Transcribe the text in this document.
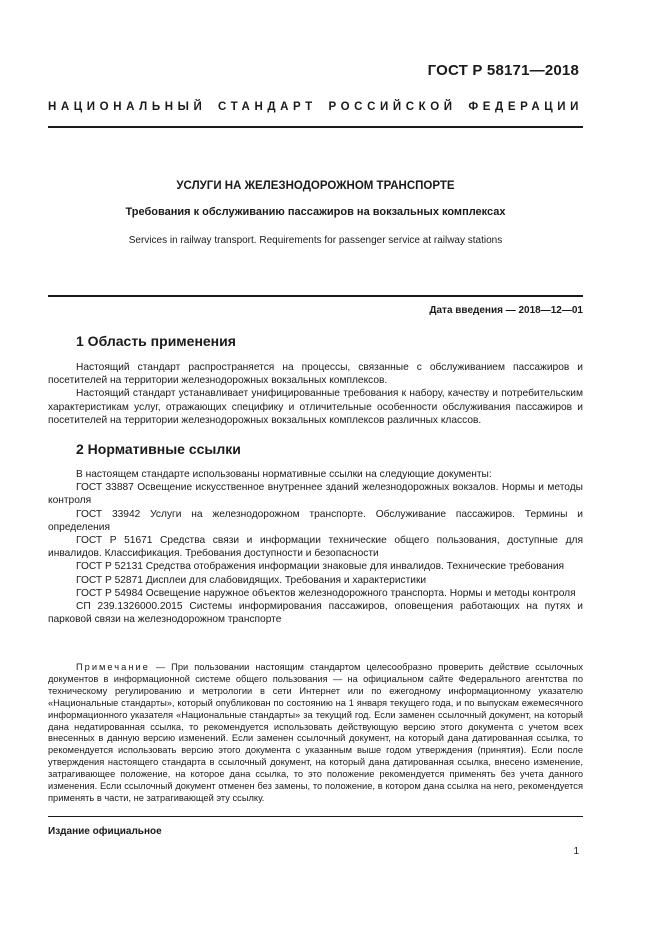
ГОСТ Р 58171—2018
НАЦИОНАЛЬНЫЙ СТАНДАРТ РОССИЙСКОЙ ФЕДЕРАЦИИ
УСЛУГИ НА ЖЕЛЕЗНОДОРОЖНОМ ТРАНСПОРТЕ
Требования к обслуживанию пассажиров на вокзальных комплексах
Services in railway transport. Requirements for passenger service at railway stations
Дата введения — 2018—12—01
1 Область применения

Настоящий стандарт распространяется на процессы, связанные с обслуживанием пассажиров и посетителей на территории железнодорожных вокзальных комплексов.

Настоящий стандарт устанавливает унифицированные требования к набору, качеству и потребительским характеристикам услуг, отражающих специфику и отличительные особенности обслуживания пассажиров и посетителей на территории железнодорожных вокзальных комплексов различных классов.

2 Нормативные ссылки

В настоящем стандарте использованы нормативные ссылки на следующие документы:

ГОСТ 33887 Освещение искусственное внутреннее зданий железнодорожных вокзалов. Нормы и методы контроля

ГОСТ 33942 Услуги на железнодорожном транспорте. Обслуживание пассажиров. Термины и определения

ГОСТ Р 51671 Средства связи и информации технические общего пользования, доступные для инвалидов. Классификация. Требования доступности и безопасности

ГОСТ Р 52131 Средства отображения информации знаковые для инвалидов. Технические требования

ГОСТ Р 52871 Дисплеи для слабовидящих. Требования и характеристики

ГОСТ Р 54984 Освещение наружное объектов железнодорожного транспорта. Нормы и методы контроля

СП 239.1326000.2015 Системы информирования пассажиров, оповещения работающих на путях и парковой связи на железнодорожном транспорте

Примечание — При пользовании настоящим стандартом целесообразно проверить действие ссылочных документов в информационной системе общего пользования — на официальном сайте Федерального агентства по техническому регулированию и метрологии в сети Интернет или по ежегодному информационному указателю «Национальные стандарты», который опубликован по состоянию на 1 января текущего года, и по выпускам ежемесячного информационного указателя «Национальные стандарты» за текущий год. Если заменен ссылочный документ, на который дана недатированная ссылка, то рекомендуется использовать действующую версию этого документа с учетом всех внесенных в данную версию изменений. Если заменен ссылочный документ, на который дана датированная ссылка, то рекомендуется использовать версию этого документа с указанным выше годом утверждения (принятия). Если после утверждения настоящего стандарта в ссылочный документ, на который дана датированная ссылка, внесено изменение, затрагивающее положение, на которое дана ссылка, то это положение рекомендуется применять без учета данного изменения. Если ссылочный документ отменен без замены, то положение, в котором дана ссылка на него, рекомендуется применять в части, не затрагивающей эту ссылку.

Издание официальное
1
